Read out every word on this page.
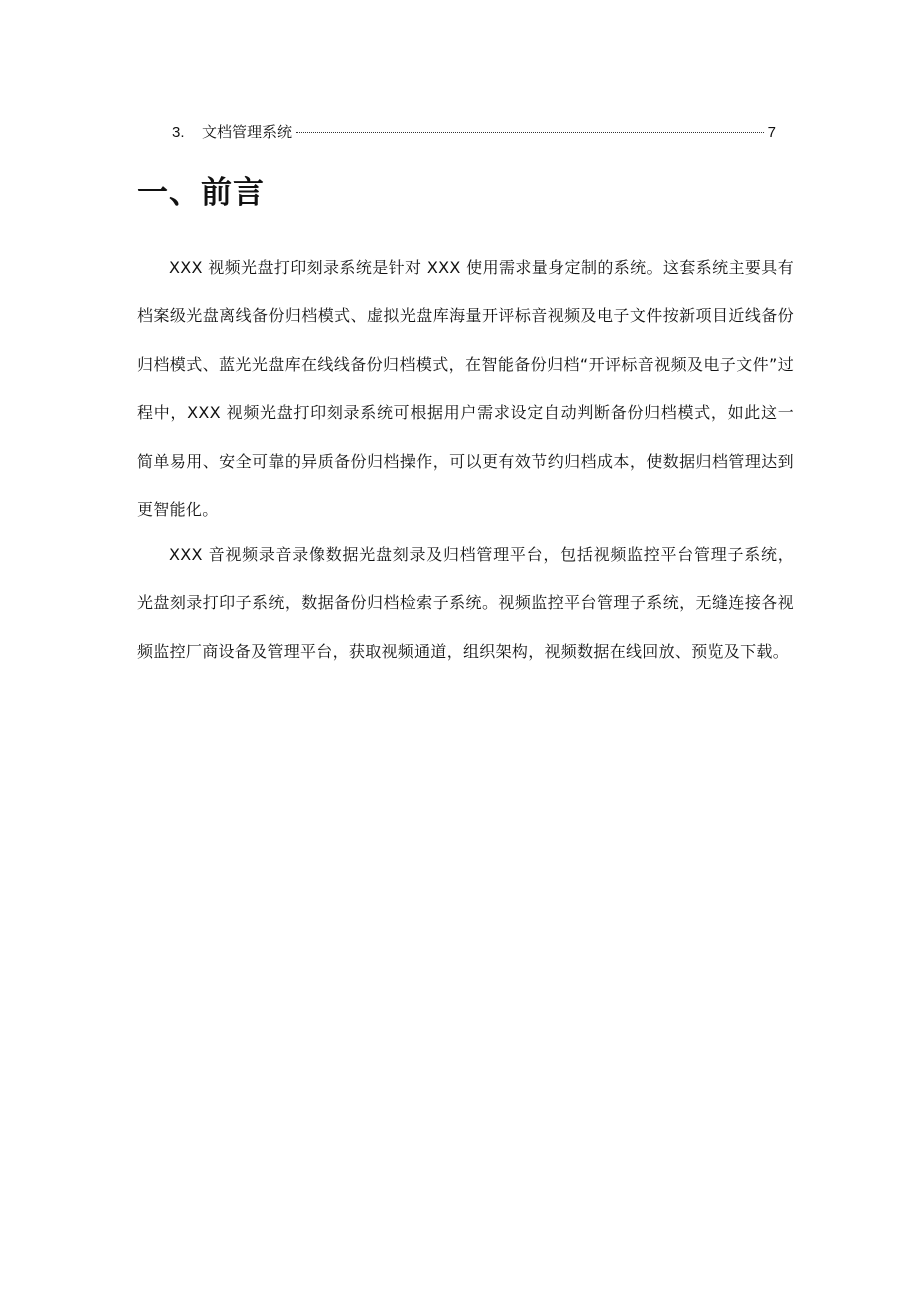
3.	文档管理系统	7
一、前言

XXX 视频光盘打印刻录系统是针对 XXX 使用需求量身定制的系统。这套系统主要具有档案级光盘离线备份归档模式、虚拟光盘库海量开评标音视频及电子文件按新项目近线备份归档模式、蓝光光盘库在线线备份归档模式，在智能备份归档“开评标音视频及电子文件”过程中，XXX 视频光盘打印刻录系统可根据用户需求设定自动判断备份归档模式，如此这一简单易用、安全可靠的异质备份归档操作，可以更有效节约归档成本，使数据归档管理达到更智能化。

XXX 音视频录音录像数据光盘刻录及归档管理平台，包括视频监控平台管理子系统，光盘刻录打印子系统，数据备份归档检索子系统。视频监控平台管理子系统，无缝连接各视频监控厂商设备及管理平台，获取视频通道，组织架构，视频数据在线回放、预览及下载。
